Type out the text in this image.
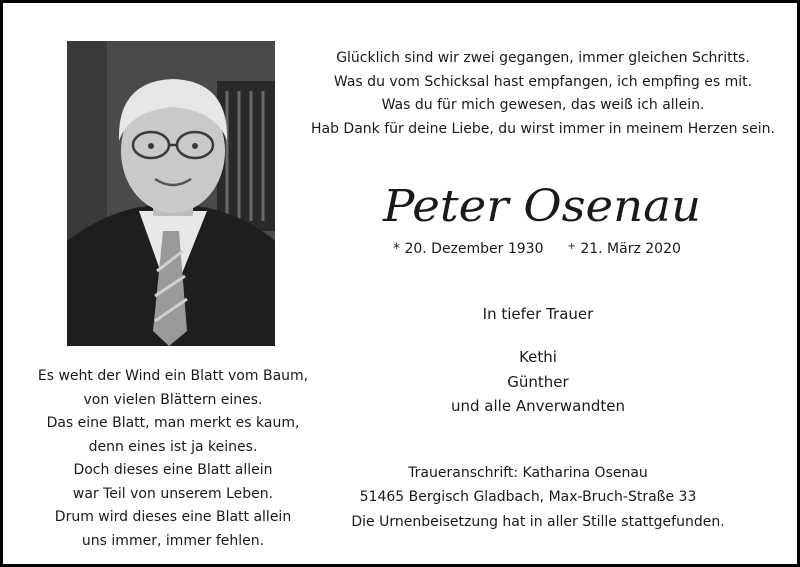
Glücklich sind wir zwei gegangen, immer gleichen Schritts.
Was du vom Schicksal hast empfangen, ich empfing es mit.
Was du für mich gewesen, das weiß ich allein.
Hab Dank für deine Liebe, du wirst immer in meinem Herzen sein.
Peter Osenau
* 20. Dezember 1930 + 21. März 2020
In tiefer Trauer
Kethi
Günther
und alle Anverwandten
Es weht der Wind ein Blatt vom Baum,
von vielen Blättern eines.
Das eine Blatt, man merkt es kaum,
denn eines ist ja keines.
Doch dieses eine Blatt allein
war Teil von unserem Leben.
Drum wird dieses eine Blatt allein
uns immer, immer fehlen.
Traueranschrift: Katharina Osenau
51465 Bergisch Gladbach, Max-Bruch-Straße 33
Die Urnenbeisetzung hat in aller Stille stattgefunden.
